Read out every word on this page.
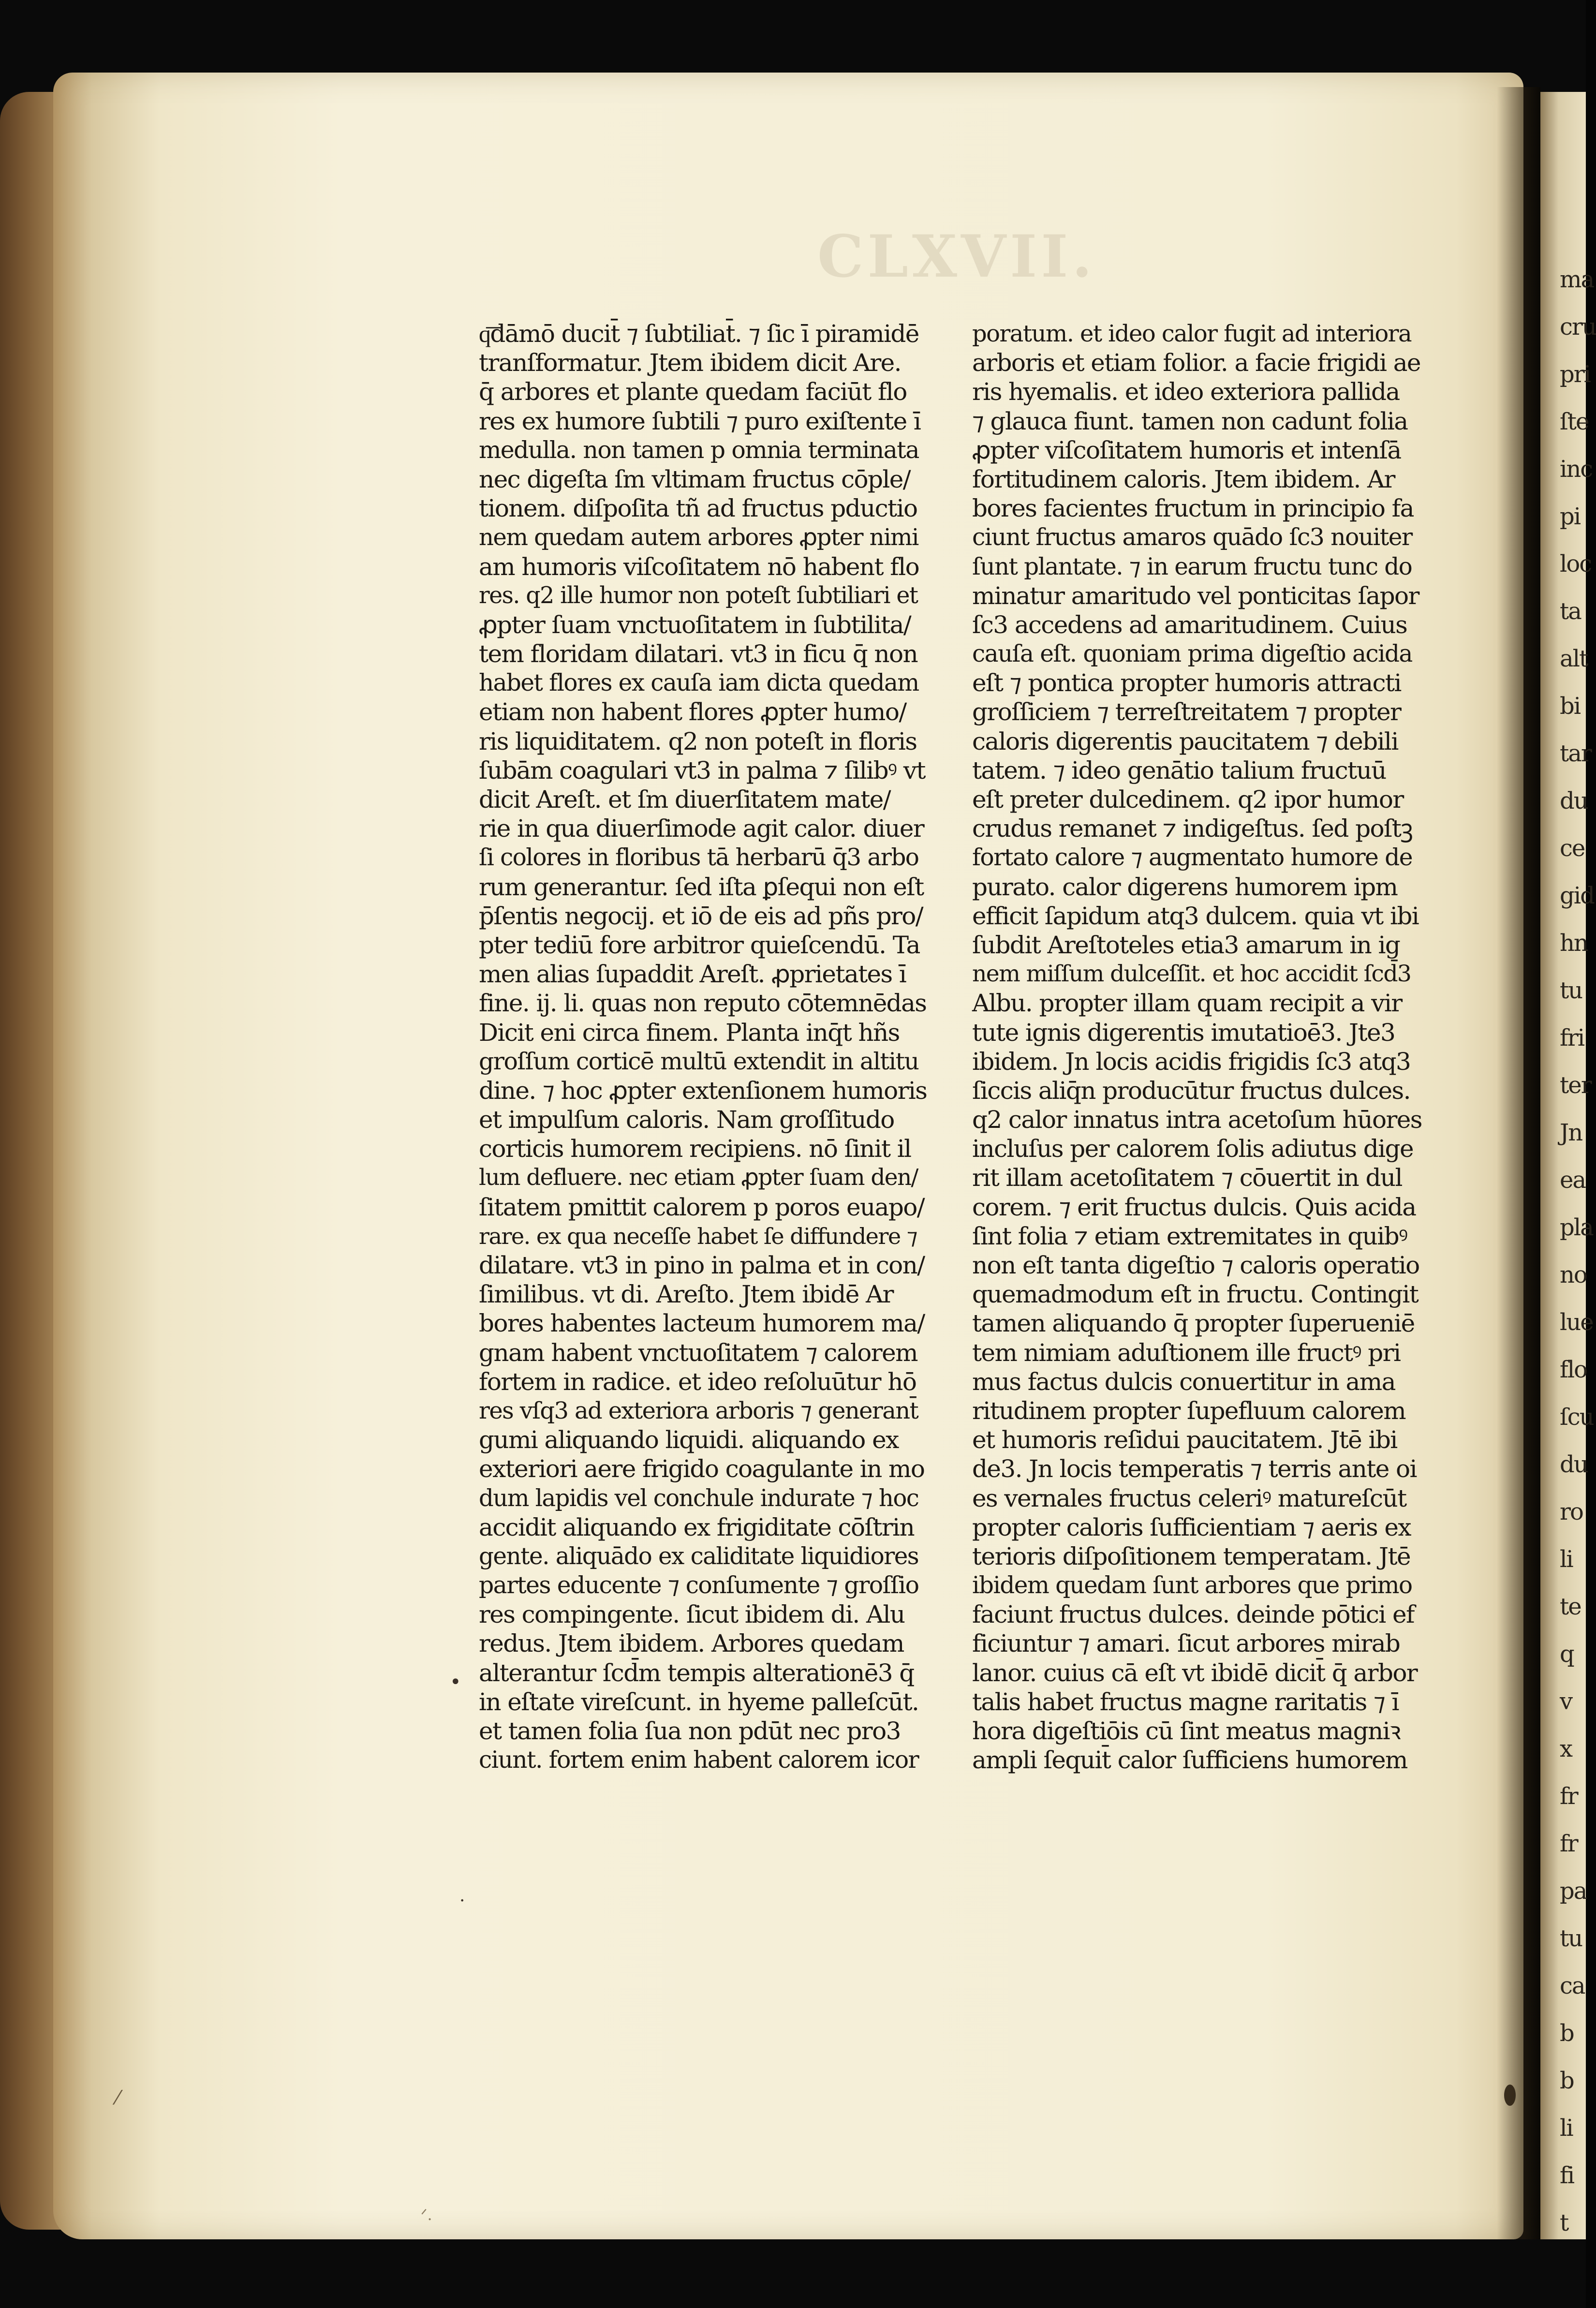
CLXVII.
q͞dāmō ducit̄ ⁊ ſubtiliat̄. ⁊ ſic ī piramidē
tranſformatur. Jtem ibidem dicit Are.
q̄ arbores et plante quedam faciūt flo
res ex humore ſubtili ⁊ puro exiſtente ī
medulla. non tamen p omnia terminata
nec digeſta ſm vltimam fructus cōple/
tionem. diſpoſita tñ ad fructus pductio
nem quedam autem arbores ꝓpter nimi
am humoris viſcoſitatem nō habent flo
res. q2 ille humor non poteſt ſubtiliari et
ꝓpter ſuam vnctuoſitatem in ſubtilita/
tem floridam dilatari. vt3 in ficu q̄ non
habet flores ex cauſa iam dicta quedam
etiam non habent flores ꝓpter humo/
ris liquiditatem. q2 non poteſt in floris
ſubām coagulari vt3 in palma ⁊ ſilibꝰ vt
dicit Areſt. et ſm diuerſitatem mate/
rie in qua diuerſimode agit calor. diuer
ſi colores in floribus tā herbarū q̄3 arbo
rum generantur. ſed iſta ꝑſequi non eſt
p̄ſentis negocij. et iō de eis ad pñs pro/
pter tediū fore arbitror quieſcendū. Ta
men alias ſupaddit Areſt. ꝓprietates ī
fine. ij. li. quas non reputo cōtemnēdas
Dicit eni circa finem. Planta inq̄t hñs
groſſum corticē multū extendit in altitu
dine. ⁊ hoc ꝓpter extenſionem humoris
et impulſum caloris. Nam groſſitudo
corticis humorem recipiens. nō ſinit il
lum defluere. nec etiam ꝓpter ſuam den/
ſitatem pmittit calorem p poros euapo/
rare. ex qua neceſſe habet ſe diffundere ⁊
dilatare. vt3 in pino in palma et in con/
ſimilibus. vt di. Areſto. Jtem ibidē Ar
bores habentes lacteum humorem ma/
gnam habent vnctuoſitatem ⁊ calorem
fortem in radice. et ideo reſoluūtur hō
res vſq3 ad exteriora arboris ⁊ generant̄
gumi aliquando liquidi. aliquando ex
exteriori aere frigido coagulante in mo
dum lapidis vel conchule indurate ⁊ hoc
accidit aliquando ex frigiditate cōſtrin
gente. aliquādo ex caliditate liquidiores
partes educente ⁊ conſumente ⁊ groſſio
res compingente. ſicut ibidem di. Alu
redus. Jtem ibidem. Arbores quedam
alterantur ſcd̄m tempis alterationē3 q̄
in eſtate vireſcunt. in hyeme palleſcūt.
et tamen folia ſua non pdūt nec pro3
ciunt. fortem enim habent calorem icor
poratum. et ideo calor fugit ad interiora
arboris et etiam folior. a facie frigidi ae
ris hyemalis. et ideo exteriora pallida
⁊ glauca fiunt. tamen non cadunt folia
ꝓpter viſcoſitatem humoris et intenſā
fortitudinem caloris. Jtem ibidem. Ar
bores facientes fructum in principio fa
ciunt fructus amaros quādo ſc3 nouiter
ſunt plantate. ⁊ in earum fructu tunc do
minatur amaritudo vel ponticitas ſapor
ſc3 accedens ad amaritudinem. Cuius
cauſa eſt. quoniam prima digeſtio acida
eſt ⁊ pontica propter humoris attracti
groſſiciem ⁊ terreſtreitatem ⁊ propter
caloris digerentis paucitatem ⁊ debili
tatem. ⁊ ideo genātio talium fructuū
eſt preter dulcedinem. q2 ipor humor
crudus remanet ⁊ indigeſtus. ſed poſtꝫ
fortato calore ⁊ augmentato humore de
purato. calor digerens humorem ipm
efficit ſapidum atq3 dulcem. quia vt ibi
ſubdit Areſtoteles etia3 amarum in ig
nem miſſum dulceſſit. et hoc accidit ſcd̄3
Albu. propter illam quam recipit a vir
tute ignis digerentis imutatioē3. Jte3
ibidem. Jn locis acidis frigidis ſc3 atq3
ſiccis aliq̄n producūtur fructus dulces.
q2 calor innatus intra acetoſum hūores
incluſus per calorem ſolis adiutus dige
rit illam acetoſitatem ⁊ cōuertit in dul
corem. ⁊ erit fructus dulcis. Quis acida
ſint folia ⁊ etiam extremitates in quibꝰ
non eſt tanta digeſtio ⁊ caloris operatio
quemadmodum eſt in fructu. Contingit
tamen aliquando q̄ propter ſuperueniē
tem nimiam aduſtionem ille fructꝰ pri
mus factus dulcis conuertitur in ama
ritudinem propter ſupefluum calorem
et humoris reſidui paucitatem. Jtē ibi
de3. Jn locis temperatis ⁊ terris ante oi
es vernales fructus celeriꝰ matureſcūt
propter caloris ſufficientiam ⁊ aeris ex
terioris diſpoſitionem temperatam. Jtē
ibidem quedam ſunt arbores que primo
faciunt fructus dulces. deinde pōtici ef
ficiuntur ⁊ amari. ſicut arbores mirab
lanor. cuius cā eſt vt ibidē dicit̄ q̄ arbor
talis habet fructus magne raritatis ⁊ ī
hora digeſtiōis cū ſint meatus magniꝛ
ampli ſequit̄ calor ſufficiens humorem
•
·
⁄
ᐟ.
ma
cru
pri
ſte
inc
pi
loc
ta
alt
bi
tar
du
ce
gid
hn
tu
fri
ter
Jn
ea
pla
no
lue
flo
ſcu
du
ro
li
te
q
v
x
fr
fr
pa
tu
ca
b
b
li
fi
t
